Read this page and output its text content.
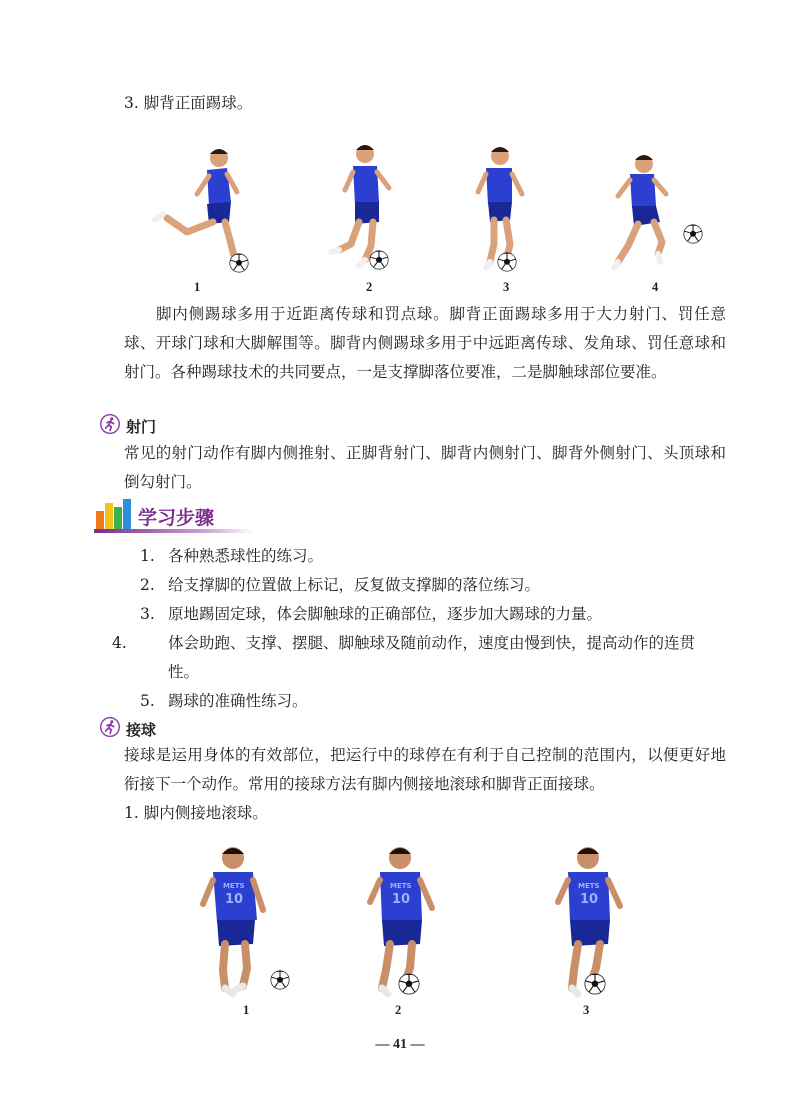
3. 脚背正面踢球。
1	2	3	4
脚内侧踢球多用于近距离传球和罚点球。脚背正面踢球多用于大力射门、罚任意球、开球门球和大脚解围等。脚背内侧踢球多用于中远距离传球、发角球、罚任意球和射门。各种踢球技术的共同要点，一是支撑脚落位要准，二是脚触球部位要准。
射门
常见的射门动作有脚内侧推射、正脚背射门、脚背内侧射门、脚背外侧射门、头顶球和倒勾射门。
学习步骤
1. 各种熟悉球性的练习。
2. 给支撑脚的位置做上标记，反复做支撑脚的落位练习。
3. 原地踢固定球，体会脚触球的正确部位，逐步加大踢球的力量。
4.	体会助跑、支撑、摆腿、脚触球及随前动作，速度由慢到快，提高动作的连贯性。
5. 踢球的准确性练习。
接球
接球是运用身体的有效部位，把运行中的球停在有利于自己控制的范围内，以便更好地衔接下一个动作。常用的接球方法有脚内侧接地滚球和脚背正面接球。
1. 脚内侧接地滚球。
METS
10
METS
10
METS
10
1	2	3
— 41 —
